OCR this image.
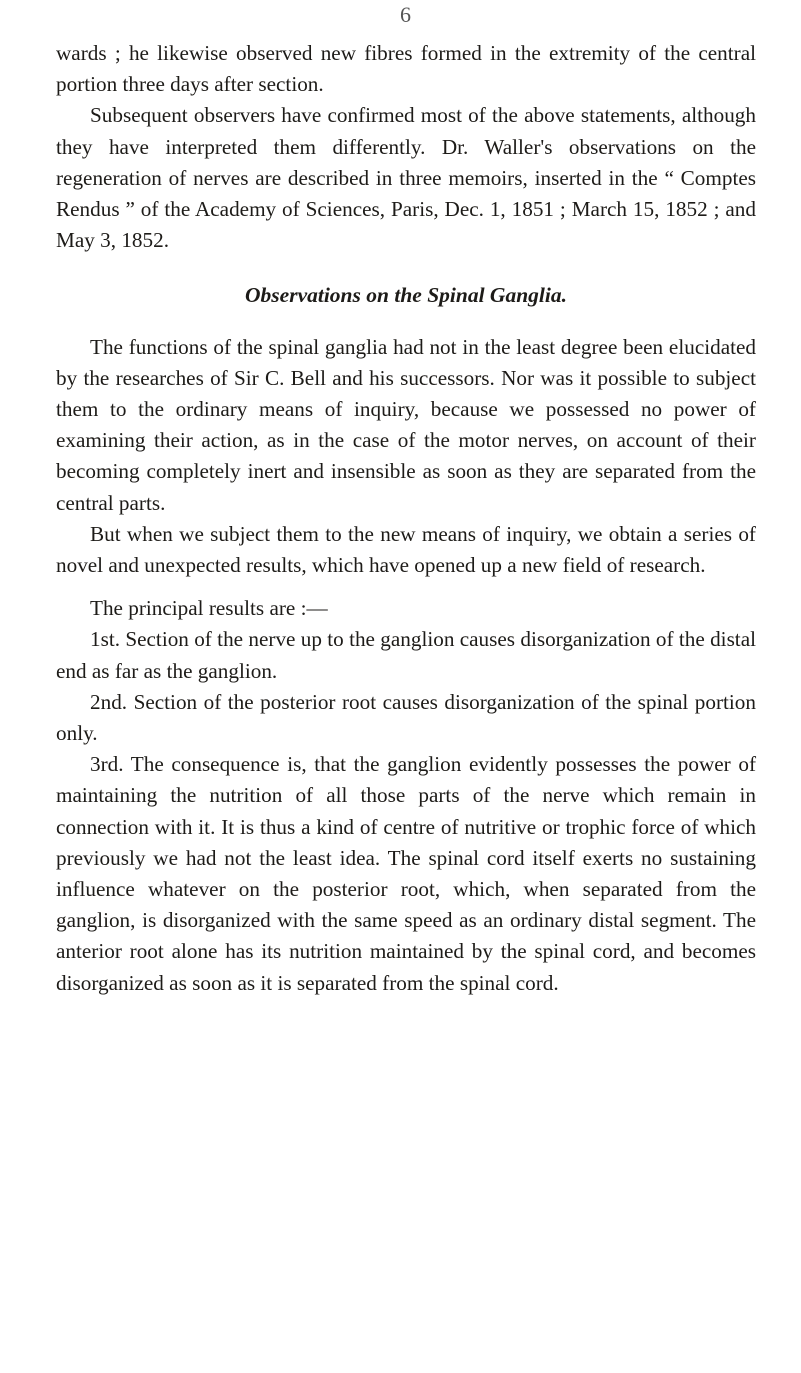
6

wards ; he likewise observed new fibres formed in the extremity of the central portion three days after section.

Subsequent observers have confirmed most of the above statements, although they have interpreted them differently. Dr. Waller's observations on the regeneration of nerves are described in three memoirs, inserted in the “ Comptes Rendus ” of the Academy of Sciences, Paris, Dec. 1, 1851 ; March 15, 1852 ; and May 3, 1852.

Observations on the Spinal Ganglia.

The functions of the spinal ganglia had not in the least degree been elucidated by the researches of Sir C. Bell and his successors. Nor was it possible to subject them to the ordinary means of inquiry, because we possessed no power of examining their action, as in the case of the motor nerves, on account of their becoming completely inert and insensible as soon as they are separated from the central parts.

But when we subject them to the new means of inquiry, we obtain a series of novel and unexpected results, which have opened up a new field of research.

The principal results are :—

1st. Section of the nerve up to the ganglion causes disorganization of the distal end as far as the ganglion.

2nd. Section of the posterior root causes disorganization of the spinal portion only.

3rd. The consequence is, that the ganglion evidently possesses the power of maintaining the nutrition of all those parts of the nerve which remain in connection with it. It is thus a kind of centre of nutritive or trophic force of which previously we had not the least idea. The spinal cord itself exerts no sustaining influence whatever on the posterior root, which, when separated from the ganglion, is disorganized with the same speed as an ordinary distal segment. The anterior root alone has its nutrition maintained by the spinal cord, and becomes disorganized as soon as it is separated from the spinal cord.
